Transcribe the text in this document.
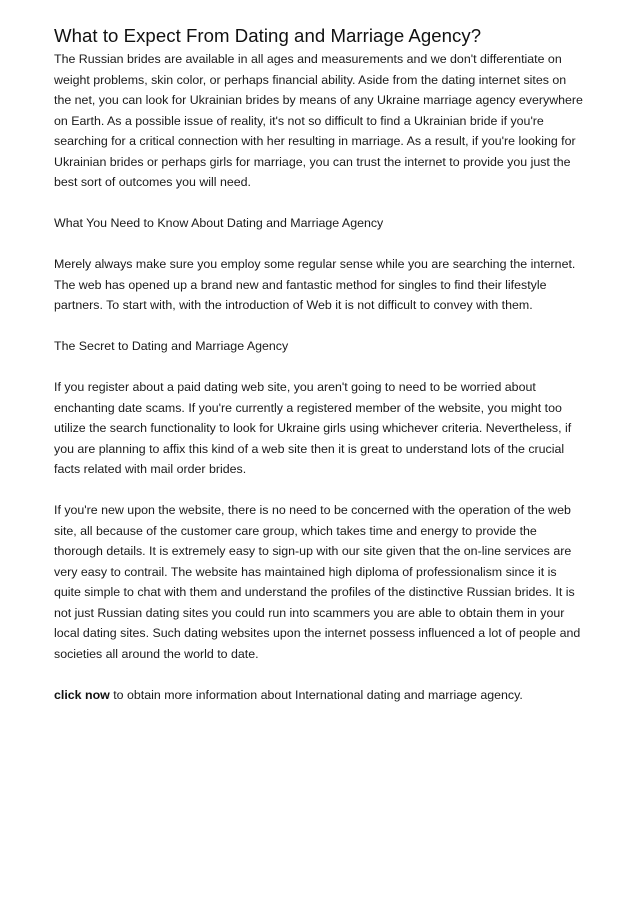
What to Expect From Dating and Marriage Agency?

The Russian brides are available in all ages and measurements and we don't differentiate on weight problems, skin color, or perhaps financial ability. Aside from the dating internet sites on the net, you can look for Ukrainian brides by means of any Ukraine marriage agency everywhere on Earth. As a possible issue of reality, it's not so difficult to find a Ukrainian bride if you're searching for a critical connection with her resulting in marriage. As a result, if you're looking for Ukrainian brides or perhaps girls for marriage, you can trust the internet to provide you just the best sort of outcomes you will need.

What You Need to Know About Dating and Marriage Agency

Merely always make sure you employ some regular sense while you are searching the internet. The web has opened up a brand new and fantastic method for singles to find their lifestyle partners. To start with, with the introduction of Web it is not difficult to convey with them.

The Secret to Dating and Marriage Agency

If you register about a paid dating web site, you aren't going to need to be worried about enchanting date scams. If you're currently a registered member of the website, you might too utilize the search functionality to look for Ukraine girls using whichever criteria. Nevertheless, if you are planning to affix this kind of a web site then it is great to understand lots of the crucial facts related with mail order brides.

If you're new upon the website, there is no need to be concerned with the operation of the web site, all because of the customer care group, which takes time and energy to provide the thorough details. It is extremely easy to sign-up with our site given that the on-line services are very easy to contrail. The website has maintained high diploma of professionalism since it is quite simple to chat with them and understand the profiles of the distinctive Russian brides. It is not just Russian dating sites you could run into scammers you are able to obtain them in your local dating sites. Such dating websites upon the internet possess influenced a lot of people and societies all around the world to date.

click now to obtain more information about International dating and marriage agency.
